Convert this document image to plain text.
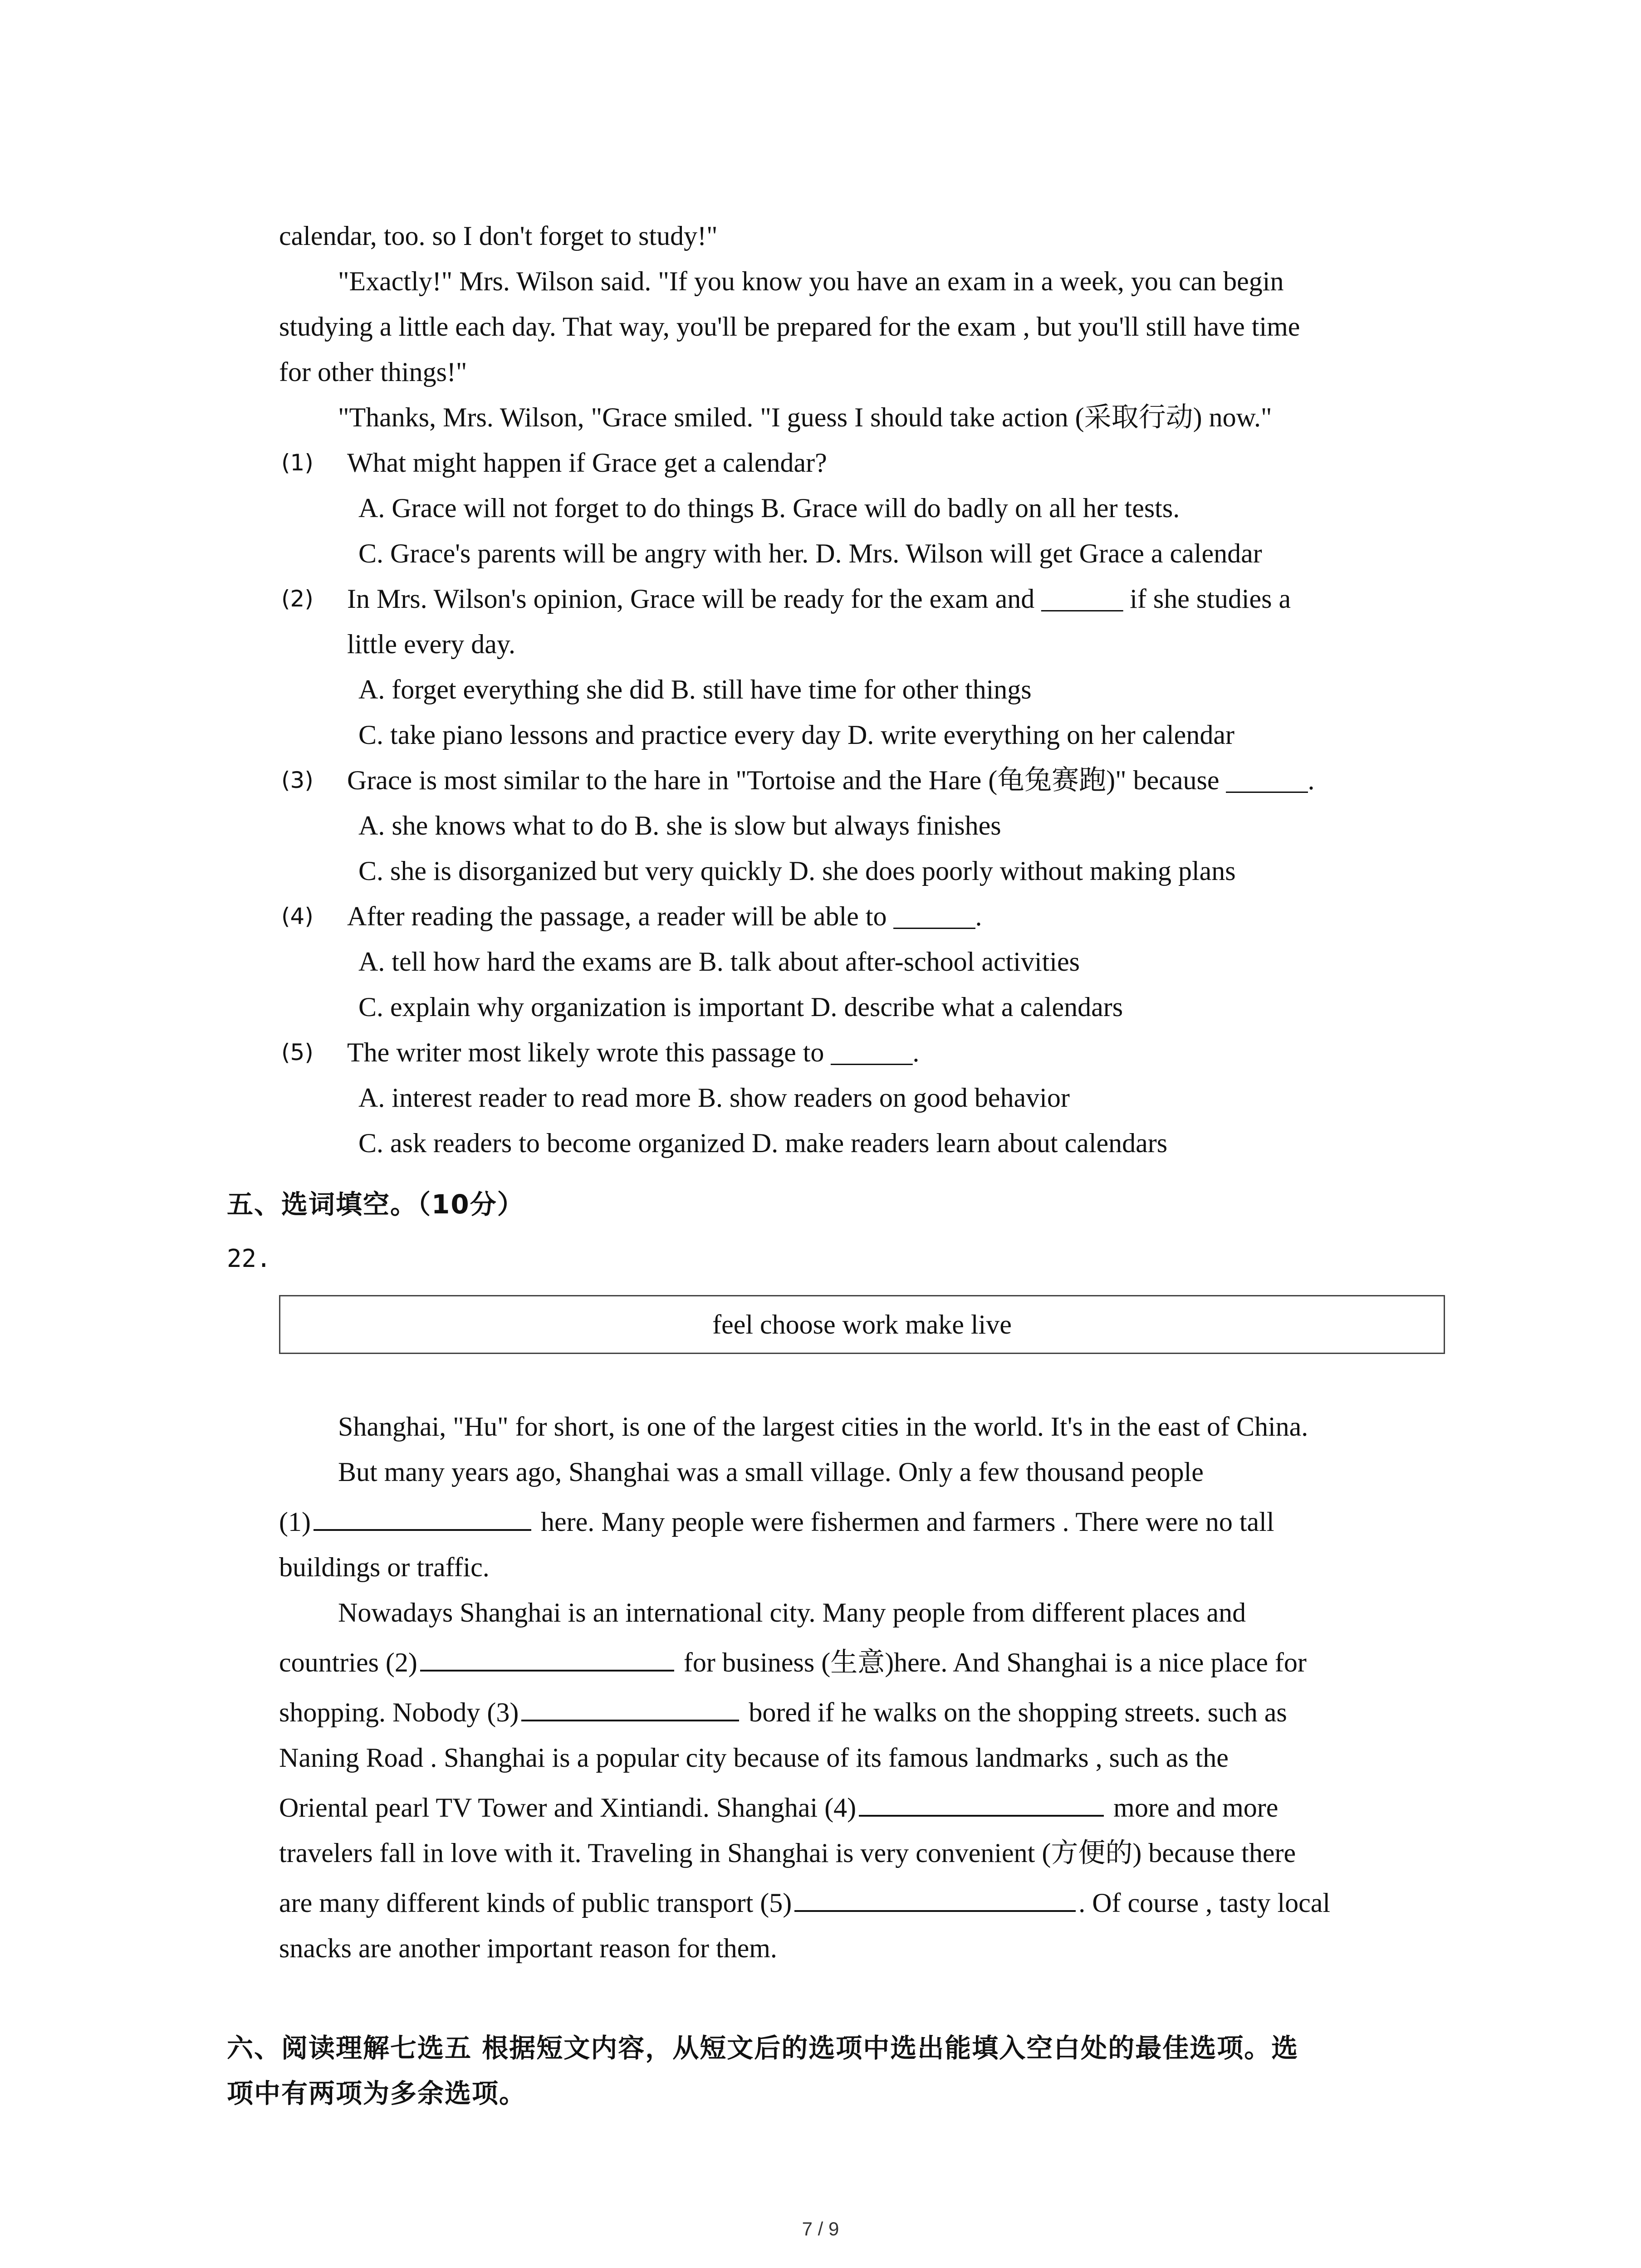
calendar, too. so I don't forget to study!"
"Exactly!" Mrs. Wilson said. "If you know you have an exam in a week, you can begin
studying a little each day. That way, you'll be prepared for the exam , but you'll still have time
for other things!"
"Thanks, Mrs. Wilson, "Grace smiled. "I guess I should take action (采取行动) now."
(1) What might happen if Grace get a calendar?
A. Grace will not forget to do things B. Grace will do badly on all her tests.
C. Grace's parents will be angry with her. D. Mrs. Wilson will get Grace a calendar
(2) In Mrs. Wilson's opinion, Grace will be ready for the exam and ______ if she studies a
little every day.
A. forget everything she did B. still have time for other things
C. take piano lessons and practice every day D. write everything on her calendar
(3) Grace is most similar to the hare in "Tortoise and the Hare (龟兔赛跑)" because ______.
A. she knows what to do B. she is slow but always finishes
C. she is disorganized but very quickly D. she does poorly without making plans
(4) After reading the passage, a reader will be able to ______.
A. tell how hard the exams are B. talk about after-school activities
C. explain why organization is important D. describe what a calendars
(5) The writer most likely wrote this passage to ______.
A. interest reader to read more B. show readers on good behavior
C. ask readers to become organized D. make readers learn about calendars
五、选词填空。（10分）
22.
feel choose work make live
Shanghai, "Hu" for short, is one of the largest cities in the world. It's in the east of China.
But many years ago, Shanghai was a small village. Only a few thousand people
(1)	here. Many people were fishermen and farmers . There were no tall
buildings or traffic.
Nowadays Shanghai is an international city. Many people from different places and
countries (2)	for business (生意)here. And Shanghai is a nice place for
shopping. Nobody (3)	bored if he walks on the shopping streets. such as
Naning Road . Shanghai is a popular city because of its famous landmarks , such as the
Oriental pearl TV Tower and Xintiandi. Shanghai (4)	more and more
travelers fall in love with it. Traveling in Shanghai is very convenient (方便的) because there
are many different kinds of public transport (5)	. Of course , tasty local
snacks are another important reason for them.
六、阅读理解七选五 根据短文内容，从短文后的选项中选出能填入空白处的最佳选项。选
项中有两项为多余选项。
7 / 9
